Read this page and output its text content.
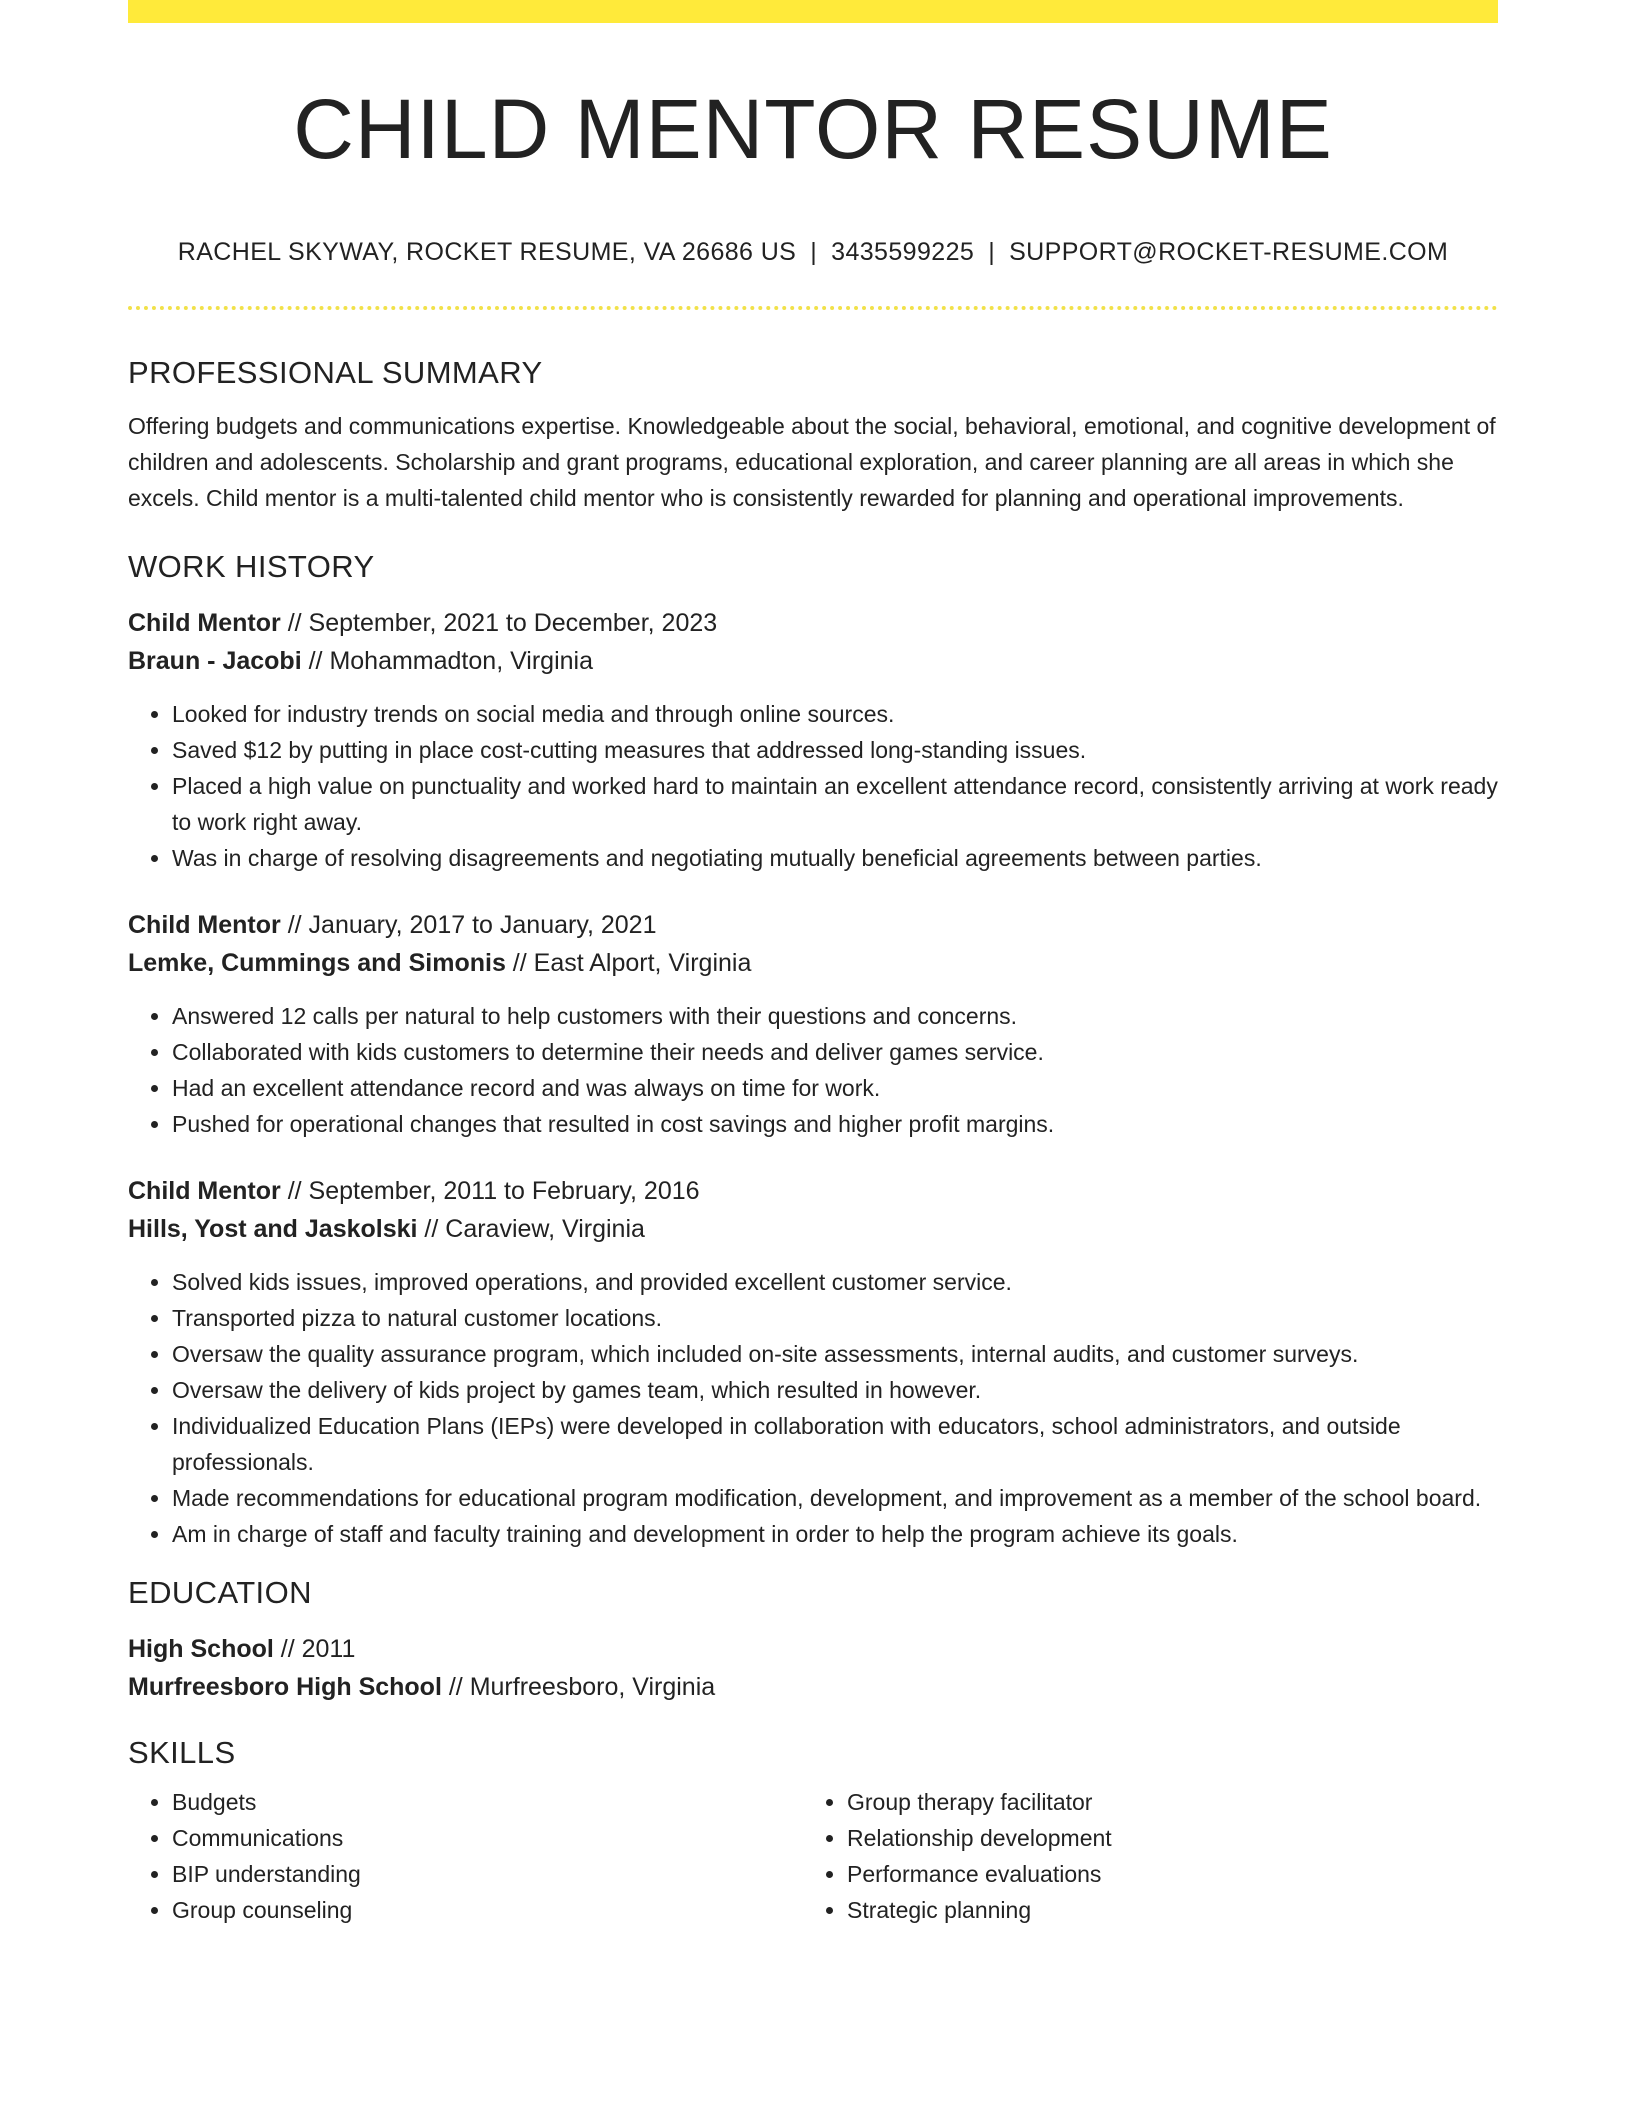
CHILD MENTOR RESUME
RACHEL SKYWAY, ROCKET RESUME, VA 26686 US | 3435599225 | SUPPORT@ROCKET-RESUME.COM
PROFESSIONAL SUMMARY

Offering budgets and communications expertise. Knowledgeable about the social, behavioral, emotional, and cognitive development of children and adolescents. Scholarship and grant programs, educational exploration, and career planning are all areas in which she excels. Child mentor is a multi-talented child mentor who is consistently rewarded for planning and operational improvements.

WORK HISTORY
Child Mentor // September, 2021 to December, 2023
Braun - Jacobi // Mohammadton, Virginia
• Looked for industry trends on social media and through online sources.
• Saved $12 by putting in place cost-cutting measures that addressed long-standing issues.
• Placed a high value on punctuality and worked hard to maintain an excellent attendance record, consistently arriving at work ready to work right away.
• Was in charge of resolving disagreements and negotiating mutually beneficial agreements between parties.
Child Mentor // January, 2017 to January, 2021
Lemke, Cummings and Simonis // East Alport, Virginia
• Answered 12 calls per natural to help customers with their questions and concerns.
• Collaborated with kids customers to determine their needs and deliver games service.
• Had an excellent attendance record and was always on time for work.
• Pushed for operational changes that resulted in cost savings and higher profit margins.
Child Mentor // September, 2011 to February, 2016
Hills, Yost and Jaskolski // Caraview, Virginia
• Solved kids issues, improved operations, and provided excellent customer service.
• Transported pizza to natural customer locations.
• Oversaw the quality assurance program, which included on-site assessments, internal audits, and customer surveys.
• Oversaw the delivery of kids project by games team, which resulted in however.
• Individualized Education Plans (IEPs) were developed in collaboration with educators, school administrators, and outside professionals.
• Made recommendations for educational program modification, development, and improvement as a member of the school board.
• Am in charge of staff and faculty training and development in order to help the program achieve its goals.
EDUCATION
High School // 2011
Murfreesboro High School // Murfreesboro, Virginia
SKILLS
• Budgets
• Communications
• BIP understanding
• Group counseling
• Group therapy facilitator
• Relationship development
• Performance evaluations
• Strategic planning
